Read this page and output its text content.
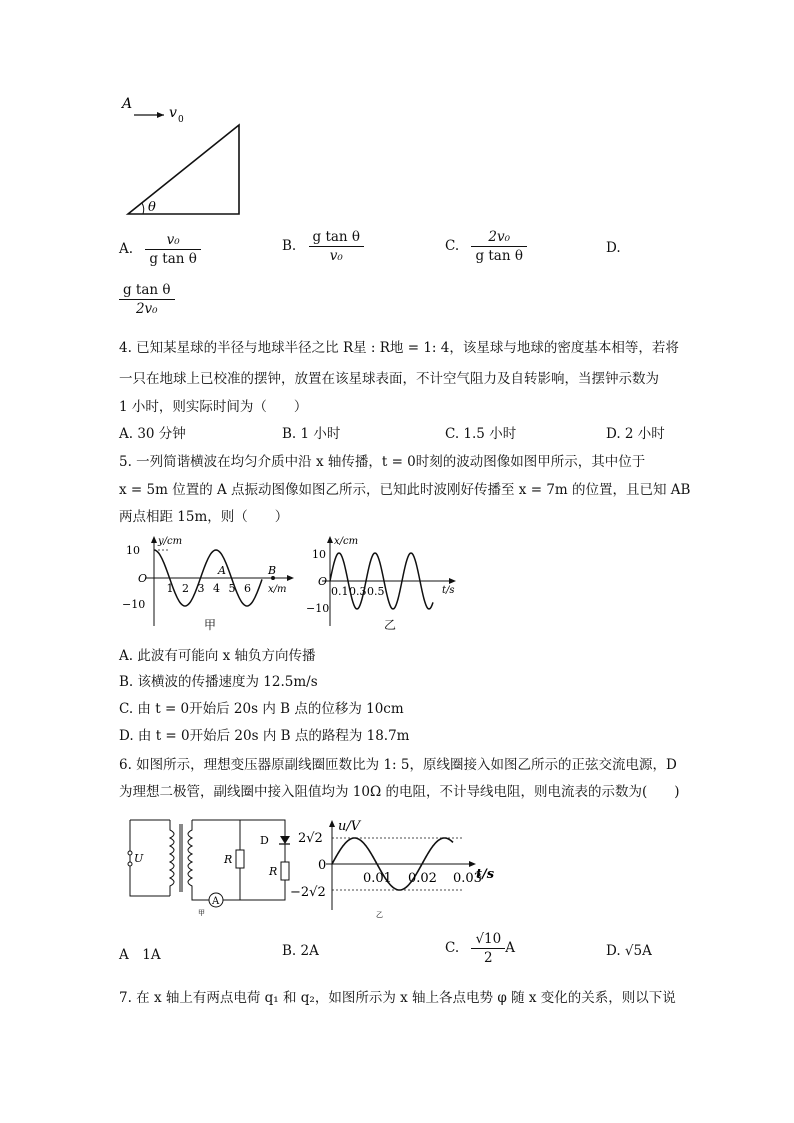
A
v 0
θ
A. $\frac{\text{v₀}}{\text{g tan θ}}$	B. $\frac{\text{g tan θ}}{\text{v₀}}$	C. $\frac{\text{2v₀}}{\text{g tan θ}}$	D.
$\frac{\text{g tan θ}}{\text{2v₀}}$
4. 已知某星球的半径与地球半径之比 R星 : R地 = 1: 4，该星球与地球的密度基本相等，若将
一只在地球上已校准的摆钟，放置在该星球表面，不计空气阻力及自转影响，当摆钟示数为
1 小时，则实际时间为（　　）
A. 30 分钟	B. 1 小时	C. 1.5 小时	D. 2 小时
5. 一列简谐横波在均匀介质中沿 x 轴传播，t = 0时刻的波动图像如图甲所示，其中位于
x = 5m 位置的 A 点振动图像如图乙所示，已知此时波刚好传播至 x = 7m 的位置，且已知 AB
两点相距 15m，则（　　）
y/cm
x/m
10
−10
O
1 2 3 4 5 6
A	B
甲
x/cm
t/s
10
−10
O
0.1 0.3 0.5
乙
A. 此波有可能向 x 轴负方向传播
B. 该横波的传播速度为 12.5m/s
C. 由 t = 0开始后 20s 内 B 点的位移为 10cm
D. 由 t = 0开始后 20s 内 B 点的路程为 18.7m
6. 如图所示，理想变压器原副线圈匝数比为 1: 5，原线圈接入如图乙所示的正弦交流电源，D
为理想二极管，副线圈中接入阻值均为 10Ω 的电阻，不计导线电阻，则电流表的示数为(　　)
U	R
D
R
A
甲
u/V
t/s
2√2
0
−2√2
0.01 0.02 0.03
乙
A　1A	B. 2A	C. $\frac{√10}{2}$ A	D. √5A
7. 在 x 轴上有两点电荷 q₁ 和 q₂，如图所示为 x 轴上各点电势 φ 随 x 变化的关系，则以下说
